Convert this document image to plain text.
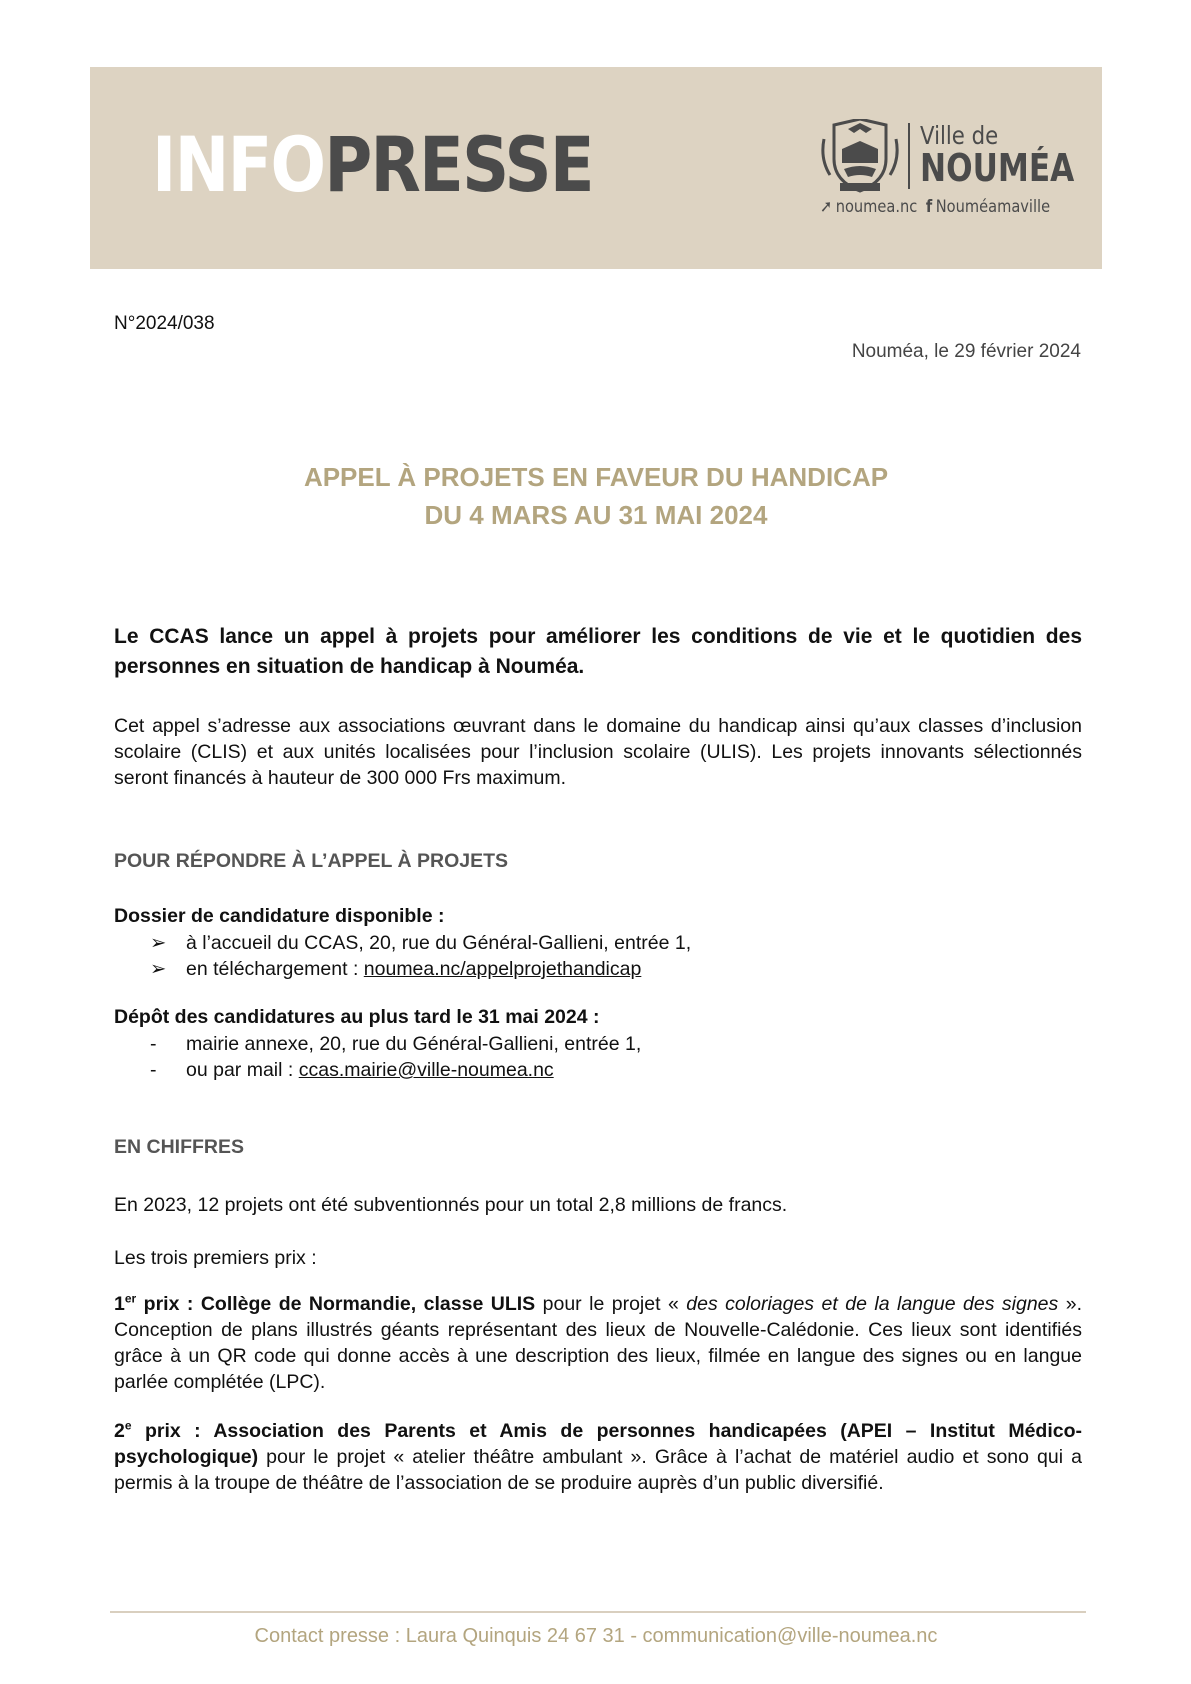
INFOPRESSE	Ville de
NOUMÉA
➚ noumea.nc f Nouméamaville
N°2024/038
Nouméa, le 29 février 2024
APPEL À PROJETS EN FAVEUR DU HANDICAP
DU 4 MARS AU 31 MAI 2024
Le CCAS lance un appel à projets pour améliorer les conditions de vie et le quotidien des personnes en situation de handicap à Nouméa.
Cet appel s’adresse aux associations œuvrant dans le domaine du handicap ainsi qu’aux classes d’inclusion scolaire (CLIS) et aux unités localisées pour l’inclusion scolaire (ULIS). Les projets innovants sélectionnés seront financés à hauteur de 300 000 Frs maximum.
POUR RÉPONDRE À L’APPEL À PROJETS
Dossier de candidature disponible :
➢ à l’accueil du CCAS, 20, rue du Général-Gallieni, entrée 1,
➢ en téléchargement : noumea.nc/appelprojethandicap
Dépôt des candidatures au plus tard le 31 mai 2024 :
- mairie annexe, 20, rue du Général-Gallieni, entrée 1,
- ou par mail : ccas.mairie@ville-noumea.nc
EN CHIFFRES
En 2023, 12 projets ont été subventionnés pour un total 2,8 millions de francs.
Les trois premiers prix :
1er prix : Collège de Normandie, classe ULIS pour le projet « des coloriages et de la langue des signes ». Conception de plans illustrés géants représentant des lieux de Nouvelle-Calédonie. Ces lieux sont identifiés grâce à un QR code qui donne accès à une description des lieux, filmée en langue des signes ou en langue parlée complétée (LPC).
2e prix : Association des Parents et Amis de personnes handicapées (APEI – Institut Médico-psychologique) pour le projet « atelier théâtre ambulant ». Grâce à l’achat de matériel audio et sono qui a permis à la troupe de théâtre de l’association de se produire auprès d’un public diversifié.
Contact presse : Laura Quinquis 24 67 31 - communication@ville-noumea.nc
